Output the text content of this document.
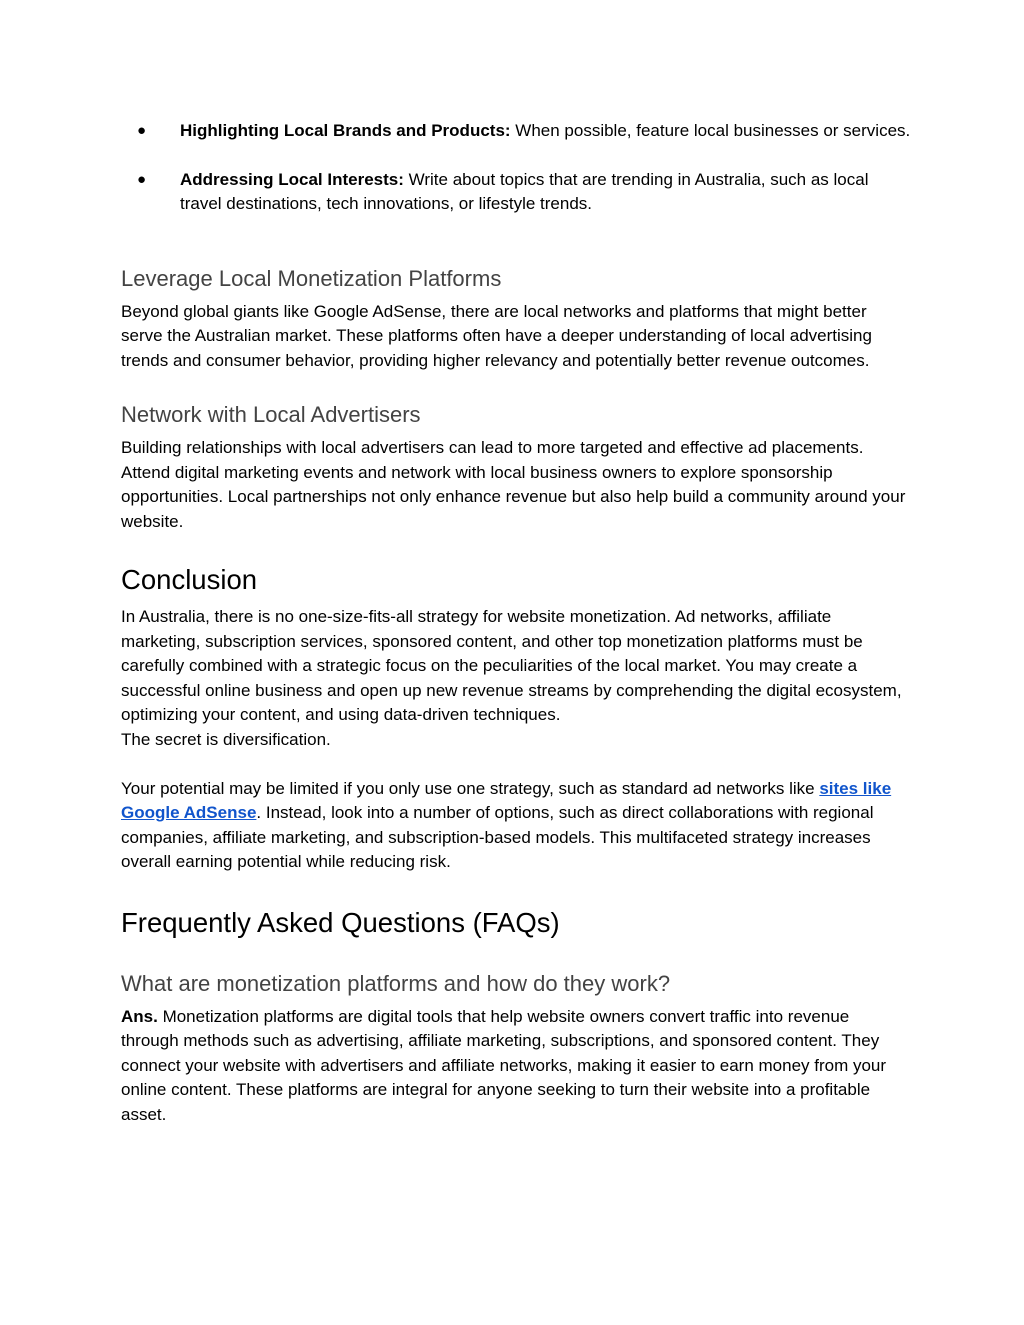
● Highlighting Local Brands and Products: When possible, feature local businesses or services.
● Addressing Local Interests: Write about topics that are trending in Australia, such as local travel destinations, tech innovations, or lifestyle trends.
Leverage Local Monetization Platforms

Beyond global giants like Google AdSense, there are local networks and platforms that might better serve the Australian market. These platforms often have a deeper understanding of local advertising trends and consumer behavior, providing higher relevancy and potentially better revenue outcomes.

Network with Local Advertisers

Building relationships with local advertisers can lead to more targeted and effective ad placements. Attend digital marketing events and network with local business owners to explore sponsorship opportunities. Local partnerships not only enhance revenue but also help build a community around your website.

Conclusion

In Australia, there is no one-size-fits-all strategy for website monetization. Ad networks, affiliate marketing, subscription services, sponsored content, and other top monetization platforms must be carefully combined with a strategic focus on the peculiarities of the local market. You may create a successful online business and open up new revenue streams by comprehending the digital ecosystem, optimizing your content, and using data-driven techniques.

The secret is diversification.

Your potential may be limited if you only use one strategy, such as standard ad networks like sites like Google AdSense. Instead, look into a number of options, such as direct collaborations with regional companies, affiliate marketing, and subscription-based models. This multifaceted strategy increases overall earning potential while reducing risk.

Frequently Asked Questions (FAQs)
What are monetization platforms and how do they work?

Ans. Monetization platforms are digital tools that help website owners convert traffic into revenue through methods such as advertising, affiliate marketing, subscriptions, and sponsored content. They connect your website with advertisers and affiliate networks, making it easier to earn money from your online content. These platforms are integral for anyone seeking to turn their website into a profitable asset.
